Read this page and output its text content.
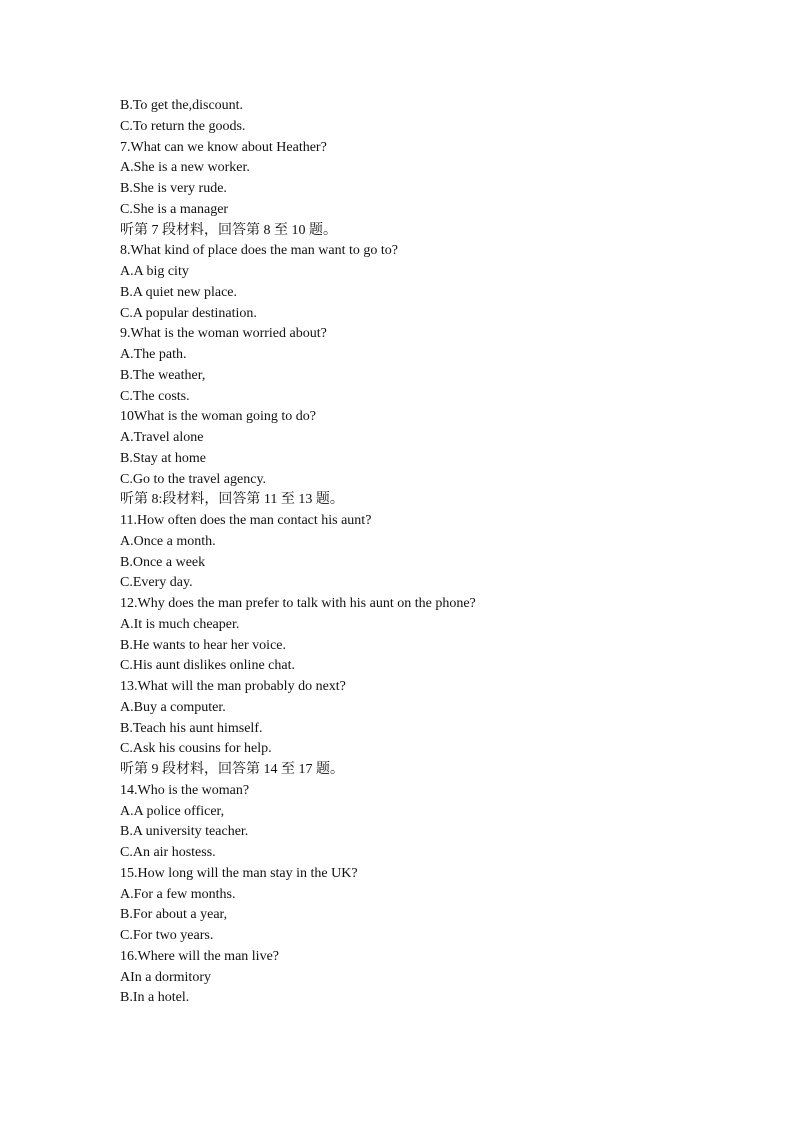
B.To get the,discount.
C.To return the goods.
7.What can we know about Heather?
A.She is a new worker.
B.She is very rude.
C.She is a manager
听第 7 段材料，回答第 8 至 10 题。
8.What kind of place does the man want to go to?
A.A big city
B.A quiet new place.
C.A popular destination.
9.What is the woman worried about?
A.The path.
B.The weather,
C.The costs.
10What is the woman going to do?
A.Travel alone
B.Stay at home
C.Go to the travel agency.
听第 8:段材料，回答第 11 至 13 题。
11.How often does the man contact his aunt?
A.Once a month.
B.Once a week
C.Every day.
12.Why does the man prefer to talk with his aunt on the phone?
A.It is much cheaper.
B.He wants to hear her voice.
C.His aunt dislikes online chat.
13.What will the man probably do next?
A.Buy a computer.
B.Teach his aunt himself.
C.Ask his cousins for help.
听第 9 段材料，回答第 14 至 17 题。
14.Who is the woman?
A.A police officer,
B.A university teacher.
C.An air hostess.
15.How long will the man stay in the UK?
A.For a few months.
B.For about a year,
C.For two years.
16.Where will the man live?
AIn a dormitory
B.In a hotel.
